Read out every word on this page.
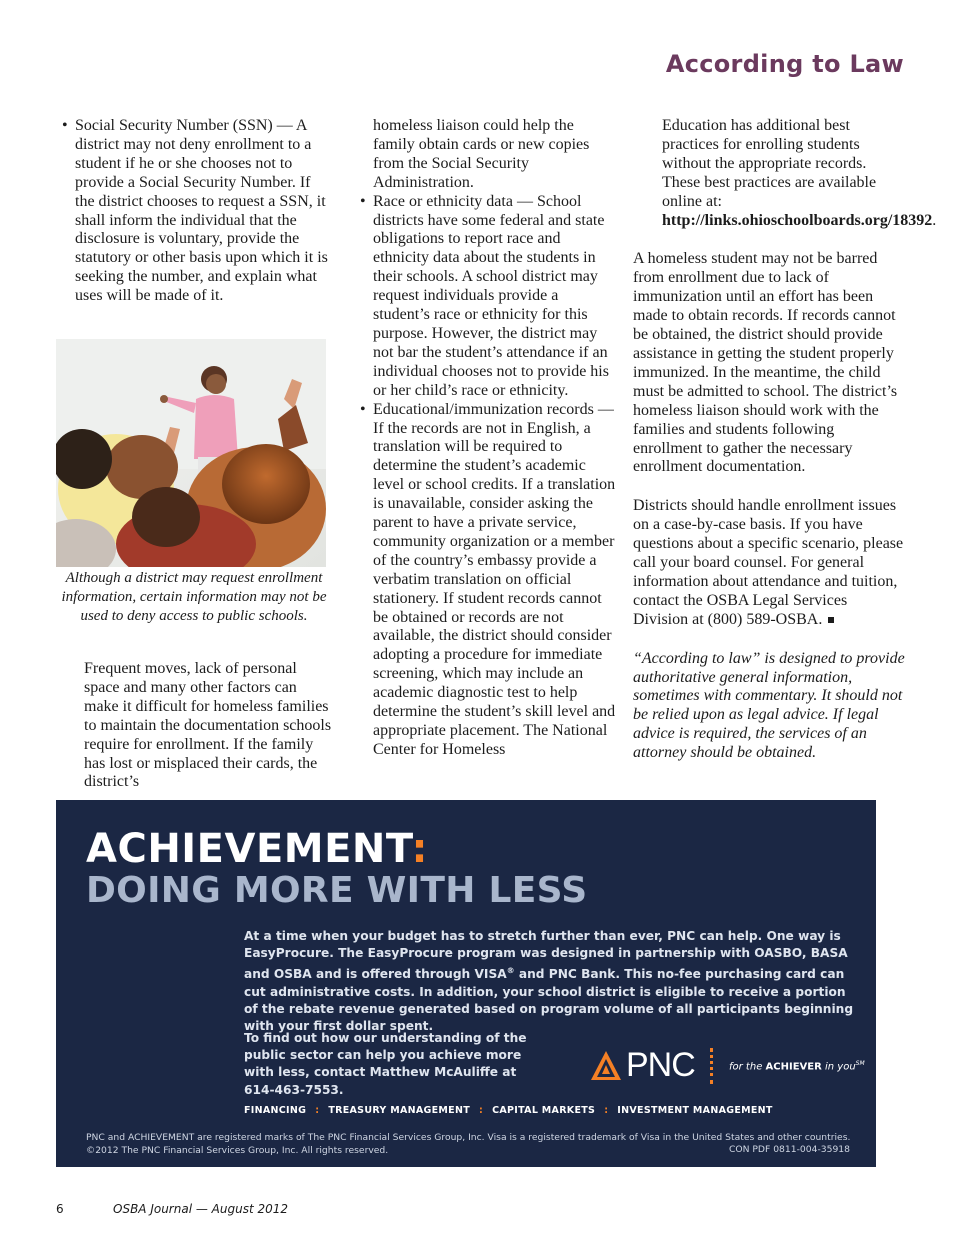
According to Law
• Social Security Number (SSN) — A district may not deny enrollment to a student if he or she chooses not to provide a Social Security Number. If the district chooses to request a SSN, it shall inform the individual that the disclosure is voluntary, provide the statutory or other basis upon which it is seeking the number, and explain what uses will be made of it.
Although a district may request enrollment information, certain information may not be used to deny access to public schools.

Frequent moves, lack of personal space and many other factors can make it difficult for homeless families to maintain the documentation schools require for enrollment. If the family has lost or misplaced their cards, the district’s

homeless liaison could help the family obtain cards or new copies from the Social Security Administration.

• Race or ethnicity data — School districts have some federal and state obligations to report race and ethnicity data about the students in their schools. A school district may request individuals provide a student’s race or ethnicity for this purpose. However, the district may not bar the student’s attendance if an individual chooses not to provide his or her child’s race or ethnicity.
• Educational/immunization records — If the records are not in English, a translation will be required to determine the student’s academic level or school credits. If a translation is unavailable, consider asking the parent to have a private service, community organization or a member of the country’s embassy provide a verbatim translation on official stationery. If student records cannot be obtained or records are not available, the district should consider adopting a procedure for immediate screening, which may include an academic diagnostic test to help determine the student’s skill level and appropriate placement. The National Center for Homeless

Education has additional best practices for enrolling students without the appropriate records. These best practices are available online at: http://links.ohioschoolboards.org/18392.

A homeless student may not be barred from enrollment due to lack of immunization until an effort has been made to obtain records. If records cannot be obtained, the district should provide assistance in getting the student properly immunized. In the meantime, the child must be admitted to school. The district’s homeless liaison should work with the families and students following enrollment to gather the necessary enrollment documentation.

Districts should handle enrollment issues on a case-by-case basis. If you have questions about a specific scenario, please call your board counsel. For general information about attendance and tuition, contact the OSBA Legal Services Division at (800) 589-OSBA.

“According to law” is designed to provide authoritative general information, sometimes with commentary. It should not be relied upon as legal advice. If legal advice is required, the services of an attorney should be obtained.

ACHIEVEMENT:
DOING MORE WITH LESS
At a time when your budget has to stretch further than ever, PNC can help. One way is EasyProcure. The EasyProcure program was designed in partnership with OASBO, BASA and OSBA and is offered through VISA® and PNC Bank. This no-fee purchasing card can cut administrative costs. In addition, your school district is eligible to receive a portion of the rebate revenue generated based on program volume of all participants beginning with your first dollar spent.
To find out how our understanding of the public sector can help you achieve more with less, contact Matthew McAuliffe at 614-463-7553.
PNC	for the ACHIEVER in you℠
FINANCING : TREASURY MANAGEMENT : CAPITAL MARKETS : INVESTMENT MANAGEMENT
PNC and ACHIEVEMENT are registered marks of The PNC Financial Services Group, Inc. Visa is a registered trademark of Visa in the United States and other countries.
©2012 The PNC Financial Services Group, Inc. All rights reserved.	CON PDF 0811-004-35918
6	OSBA Journal — August 2012
